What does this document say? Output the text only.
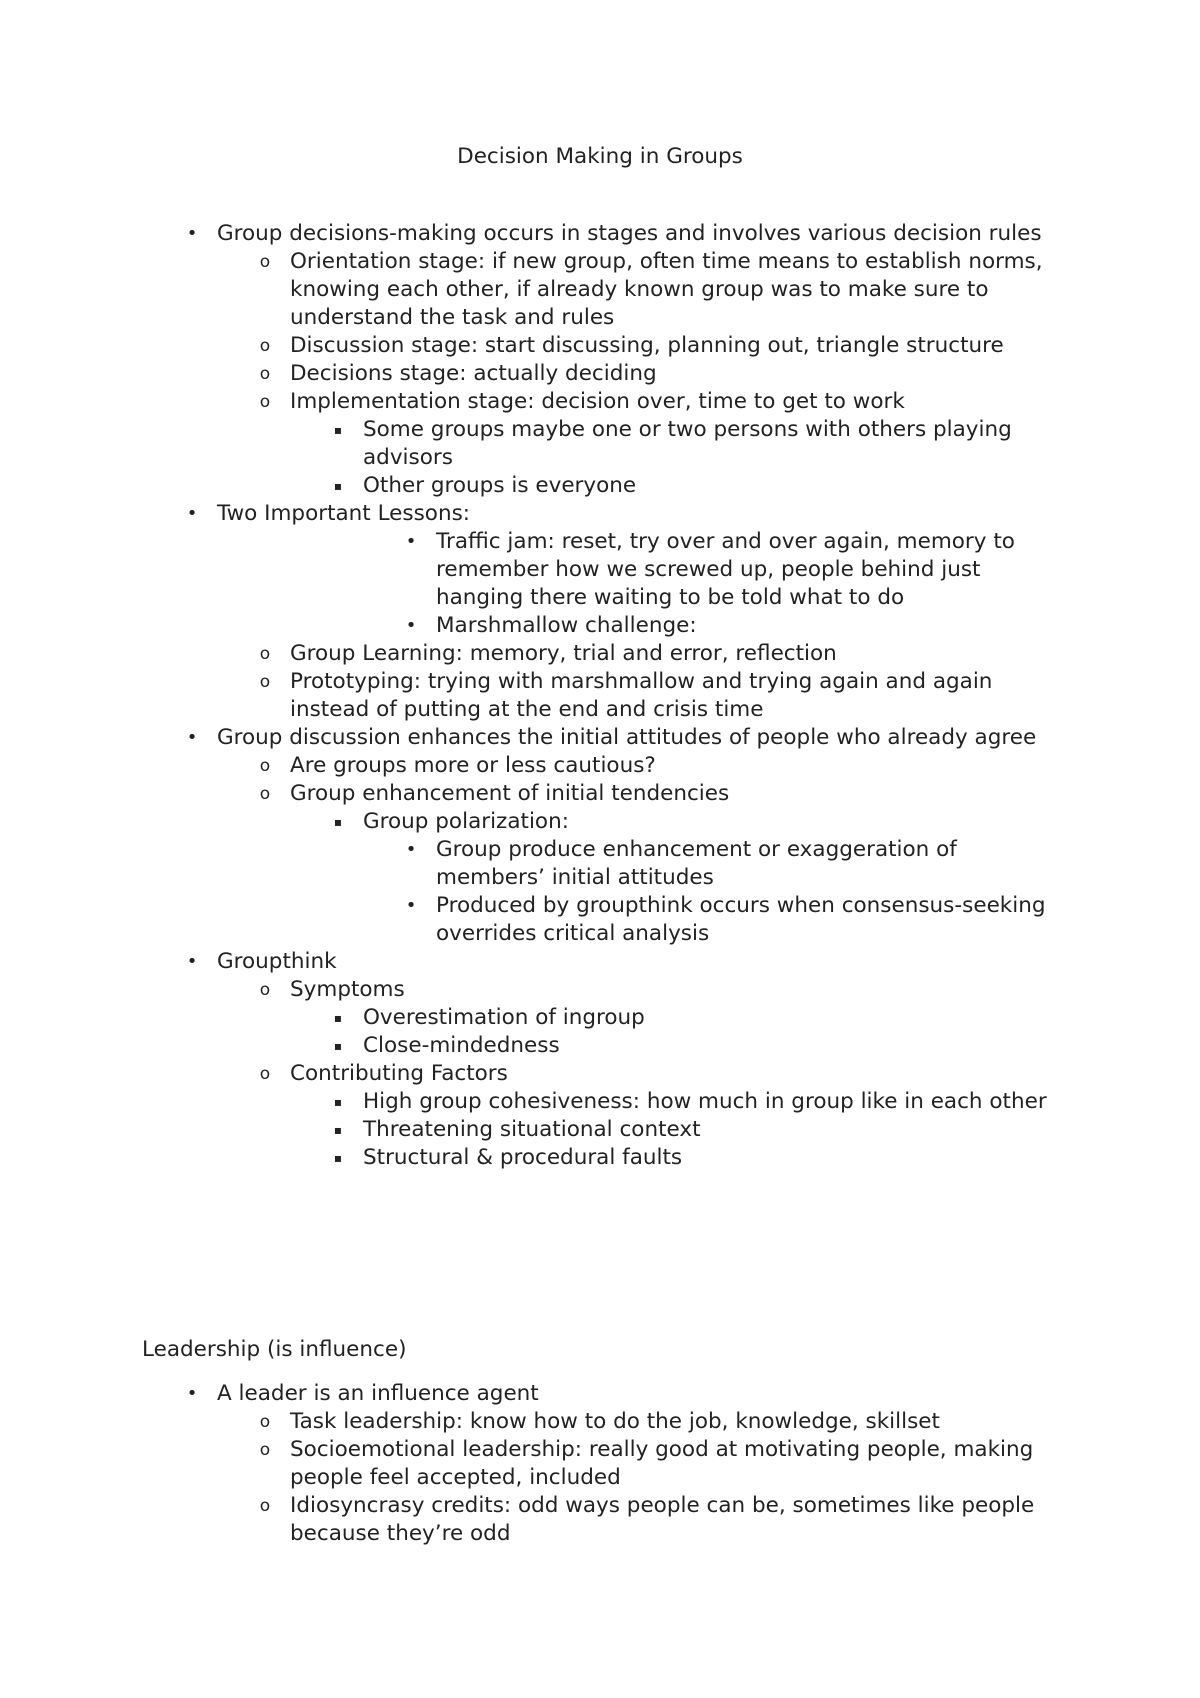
Decision Making in Groups
• Group decisions-making occurs in stages and involves various decision rules
o Orientation stage: if new group, often time means to establish norms, knowing each other, if already known group was to make sure to understand the task and rules
o Discussion stage: start discussing, planning out, triangle structure
o Decisions stage: actually deciding
o Implementation stage: decision over, time to get to work
▪ Some groups maybe one or two persons with others playing advisors
▪ Other groups is everyone
• Two Important Lessons:
• Traffic jam: reset, try over and over again, memory to remember how we screwed up, people behind just hanging there waiting to be told what to do
• Marshmallow challenge:
o Group Learning: memory, trial and error, reflection
o Prototyping: trying with marshmallow and trying again and again instead of putting at the end and crisis time
• Group discussion enhances the initial attitudes of people who already agree
o Are groups more or less cautious?
o Group enhancement of initial tendencies
▪ Group polarization:
• Group produce enhancement or exaggeration of members’ initial attitudes
• Produced by groupthink occurs when consensus-seeking overrides critical analysis
• Groupthink
o Symptoms
▪ Overestimation of ingroup
▪ Close-mindedness
o Contributing Factors
▪ High group cohesiveness: how much in group like in each other
▪ Threatening situational context
▪ Structural & procedural faults
Leadership (is influence)
• A leader is an influence agent
o Task leadership: know how to do the job, knowledge, skillset
o Socioemotional leadership: really good at motivating people, making people feel accepted, included
o Idiosyncrasy credits: odd ways people can be, sometimes like people because they’re odd
